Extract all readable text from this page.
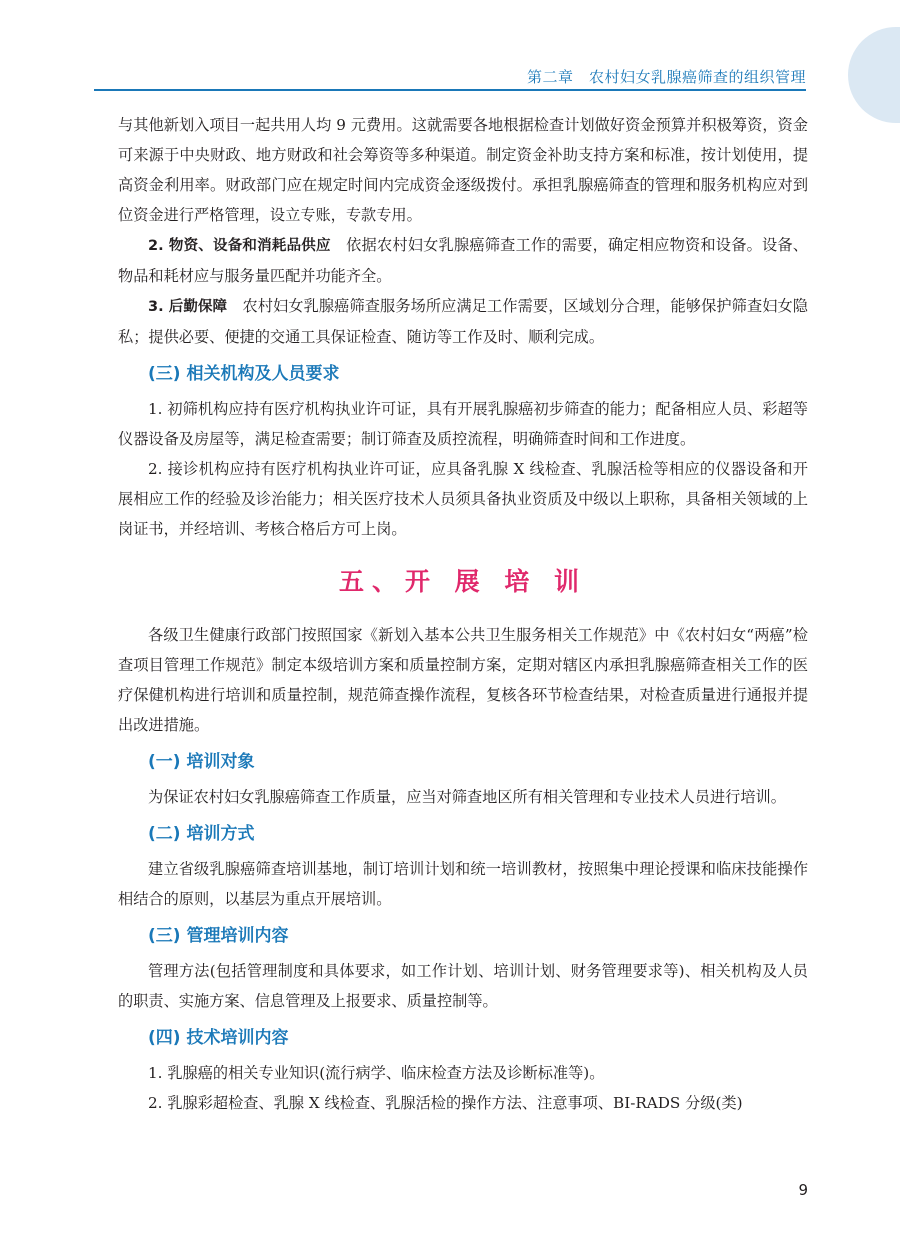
第二章　农村妇女乳腺癌筛查的组织管理

与其他新划入项目一起共用人均 9 元费用。这就需要各地根据检查计划做好资金预算并积极筹资，资金可来源于中央财政、地方财政和社会筹资等多种渠道。制定资金补助支持方案和标准，按计划使用，提高资金利用率。财政部门应在规定时间内完成资金逐级拨付。承担乳腺癌筛查的管理和服务机构应对到位资金进行严格管理，设立专账，专款专用。

2. 物资、设备和消耗品供应  依据农村妇女乳腺癌筛查工作的需要，确定相应物资和设备。设备、物品和耗材应与服务量匹配并功能齐全。

3. 后勤保障  农村妇女乳腺癌筛查服务场所应满足工作需要，区域划分合理，能够保护筛查妇女隐私；提供必要、便捷的交通工具保证检查、随访等工作及时、顺利完成。

(三) 相关机构及人员要求

1. 初筛机构应持有医疗机构执业许可证，具有开展乳腺癌初步筛查的能力；配备相应人员、彩超等仪器设备及房屋等，满足检查需要；制订筛查及质控流程，明确筛查时间和工作进度。

2. 接诊机构应持有医疗机构执业许可证，应具备乳腺 X 线检查、乳腺活检等相应的仪器设备和开展相应工作的经验及诊治能力；相关医疗技术人员须具备执业资质及中级以上职称，具备相关领域的上岗证书，并经培训、考核合格后方可上岗。

五、开 展 培 训

各级卫生健康行政部门按照国家《新划入基本公共卫生服务相关工作规范》中《农村妇女“两癌”检查项目管理工作规范》制定本级培训方案和质量控制方案，定期对辖区内承担乳腺癌筛查相关工作的医疗保健机构进行培训和质量控制，规范筛查操作流程，复核各环节检查结果，对检查质量进行通报并提出改进措施。

(一) 培训对象

为保证农村妇女乳腺癌筛查工作质量，应当对筛查地区所有相关管理和专业技术人员进行培训。

(二) 培训方式

建立省级乳腺癌筛查培训基地，制订培训计划和统一培训教材，按照集中理论授课和临床技能操作相结合的原则，以基层为重点开展培训。

(三) 管理培训内容

管理方法(包括管理制度和具体要求，如工作计划、培训计划、财务管理要求等)、相关机构及人员的职责、实施方案、信息管理及上报要求、质量控制等。

(四) 技术培训内容

1. 乳腺癌的相关专业知识(流行病学、临床检查方法及诊断标准等)。

2. 乳腺彩超检查、乳腺 X 线检查、乳腺活检的操作方法、注意事项、BI-RADS 分级(类)

9
